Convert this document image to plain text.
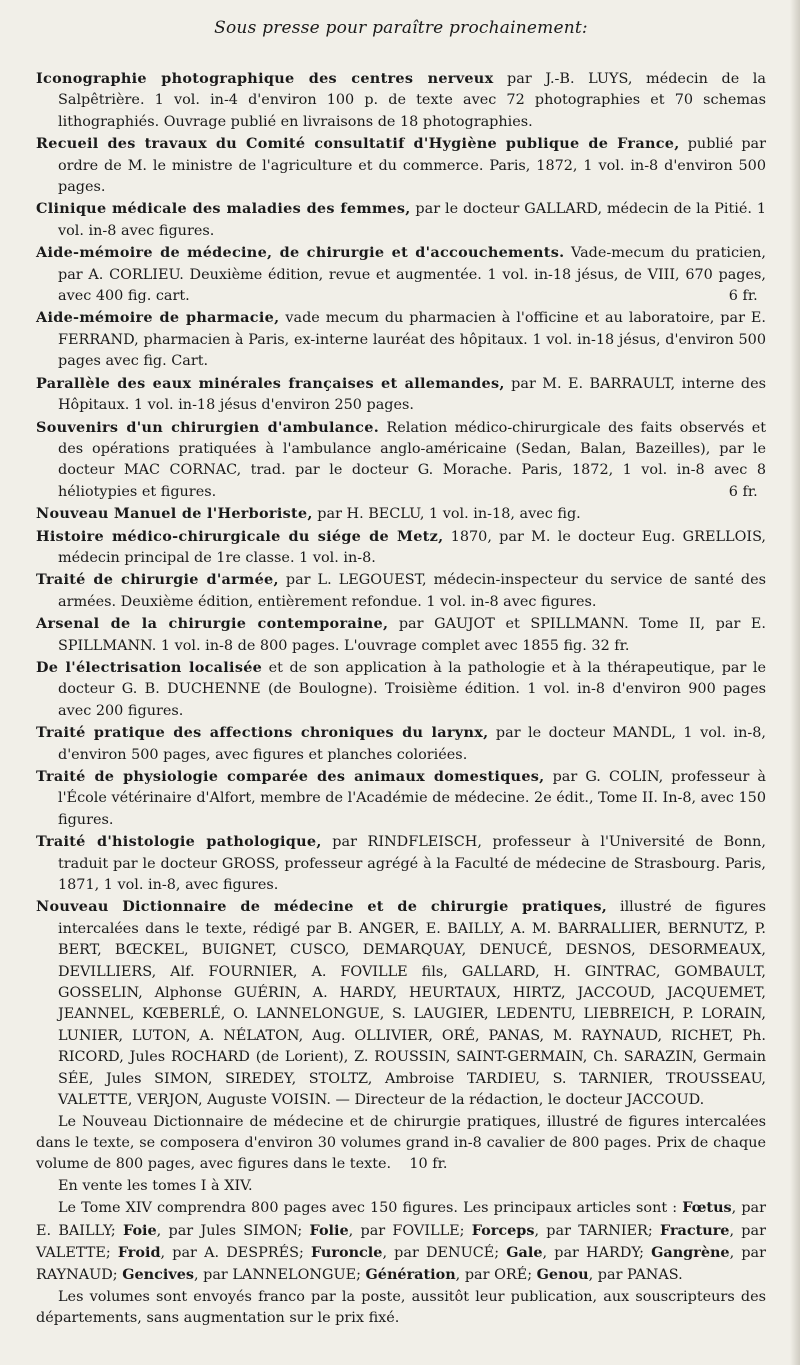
Sous presse pour paraître prochainement:

Iconographie photographique des centres nerveux par J.-B. LUYS, médecin de la Salpêtrière. 1 vol. in-4 d'environ 100 p. de texte avec 72 photographies et 70 schemas lithographiés. Ouvrage publié en livraisons de 18 photographies.

Recueil des travaux du Comité consultatif d'Hygiène publique de France, publié par ordre de M. le ministre de l'agriculture et du commerce. Paris, 1872, 1 vol. in-8 d'environ 500 pages.

Clinique médicale des maladies des femmes, par le docteur GALLARD, médecin de la Pitié. 1 vol. in-8 avec figures.

Aide-mémoire de médecine, de chirurgie et d'accouchements. Vade-mecum du praticien, par A. CORLIEU. Deuxième édition, revue et augmentée. 1 vol. in-18 jésus, de VIII, 670 pages, avec 400 fig. cart.	6 fr.

Aide-mémoire de pharmacie, vade mecum du pharmacien à l'officine et au laboratoire, par E. FERRAND, pharmacien à Paris, ex-interne lauréat des hôpitaux. 1 vol. in-18 jésus, d'environ 500 pages avec fig. Cart.

Parallèle des eaux minérales françaises et allemandes, par M. E. BARRAULT, interne des Hôpitaux. 1 vol. in-18 jésus d'environ 250 pages.

Souvenirs d'un chirurgien d'ambulance. Relation médico-chirurgicale des faits observés et des opérations pratiquées à l'ambulance anglo-américaine (Sedan, Balan, Bazeilles), par le docteur MAC CORNAC, trad. par le docteur G. Morache. Paris, 1872, 1 vol. in-8 avec 8 héliotypies et figures.	6 fr.

Nouveau Manuel de l'Herboriste, par H. BECLU, 1 vol. in-18, avec fig.

Histoire médico-chirurgicale du siége de Metz, 1870, par M. le docteur Eug. GRELLOIS, médecin principal de 1re classe. 1 vol. in-8.

Traité de chirurgie d'armée, par L. LEGOUEST, médecin-inspecteur du service de santé des armées. Deuxième édition, entièrement refondue. 1 vol. in-8 avec figures.

Arsenal de la chirurgie contemporaine, par GAUJOT et SPILLMANN. Tome II, par E. SPILLMANN. 1 vol. in-8 de 800 pages. L'ouvrage complet avec 1855 fig. 32 fr.

De l'électrisation localisée et de son application à la pathologie et à la thérapeutique, par le docteur G. B. DUCHENNE (de Boulogne). Troisième édition. 1 vol. in-8 d'environ 900 pages avec 200 figures.

Traité pratique des affections chroniques du larynx, par le docteur MANDL, 1 vol. in-8, d'environ 500 pages, avec figures et planches coloriées.

Traité de physiologie comparée des animaux domestiques, par G. COLIN, professeur à l'École vétérinaire d'Alfort, membre de l'Académie de médecine. 2e édit., Tome II. In-8, avec 150 figures.

Traité d'histologie pathologique, par RINDFLEISCH, professeur à l'Université de Bonn, traduit par le docteur GROSS, professeur agrégé à la Faculté de médecine de Strasbourg. Paris, 1871, 1 vol. in-8, avec figures.

Nouveau Dictionnaire de médecine et de chirurgie pratiques, illustré de figures intercalées dans le texte, rédigé par B. ANGER, E. BAILLY, A. M. BARRALLIER, BERNUTZ, P. BERT, BŒCKEL, BUIGNET, CUSCO, DEMARQUAY, DENUCÉ, DESNOS, DESORMEAUX, DEVILLIERS, Alf. FOURNIER, A. FOVILLE fils, GALLARD, H. GINTRAC, GOMBAULT, GOSSELIN, Alphonse GUÉRIN, A. HARDY, HEURTAUX, HIRTZ, JACCOUD, JACQUEMET, JEANNEL, KŒBERLÉ, O. LANNELONGUE, S. LAUGIER, LEDENTU, LIEBREICH, P. LORAIN, LUNIER, LUTON, A. NÉLATON, Aug. OLLIVIER, ORÉ, PANAS, M. RAYNAUD, RICHET, Ph. RICORD, Jules ROCHARD (de Lorient), Z. ROUSSIN, SAINT-GERMAIN, Ch. SARAZIN, Germain SÉE, Jules SIMON, SIREDEY, STOLTZ, Ambroise TARDIEU, S. TARNIER, TROUSSEAU, VALETTE, VERJON, Auguste VOISIN. — Directeur de la rédaction, le docteur JACCOUD.

Le Nouveau Dictionnaire de médecine et de chirurgie pratiques, illustré de figures intercalées dans le texte, se composera d'environ 30 volumes grand in-8 cavalier de 800 pages. Prix de chaque volume de 800 pages, avec figures dans le texte. 10 fr.

En vente les tomes I à XIV.

Le Tome XIV comprendra 800 pages avec 150 figures. Les principaux articles sont : Fœtus, par E. BAILLY; Foie, par Jules SIMON; Folie, par FOVILLE; Forceps, par TARNIER; Fracture, par VALETTE; Froid, par A. DESPRÉS; Furoncle, par DENUCÉ; Gale, par HARDY; Gangrène, par RAYNAUD; Gencives, par LANNELONGUE; Génération, par ORÉ; Genou, par PANAS.

Les volumes sont envoyés franco par la poste, aussitôt leur publication, aux souscripteurs des départements, sans augmentation sur le prix fixé.
